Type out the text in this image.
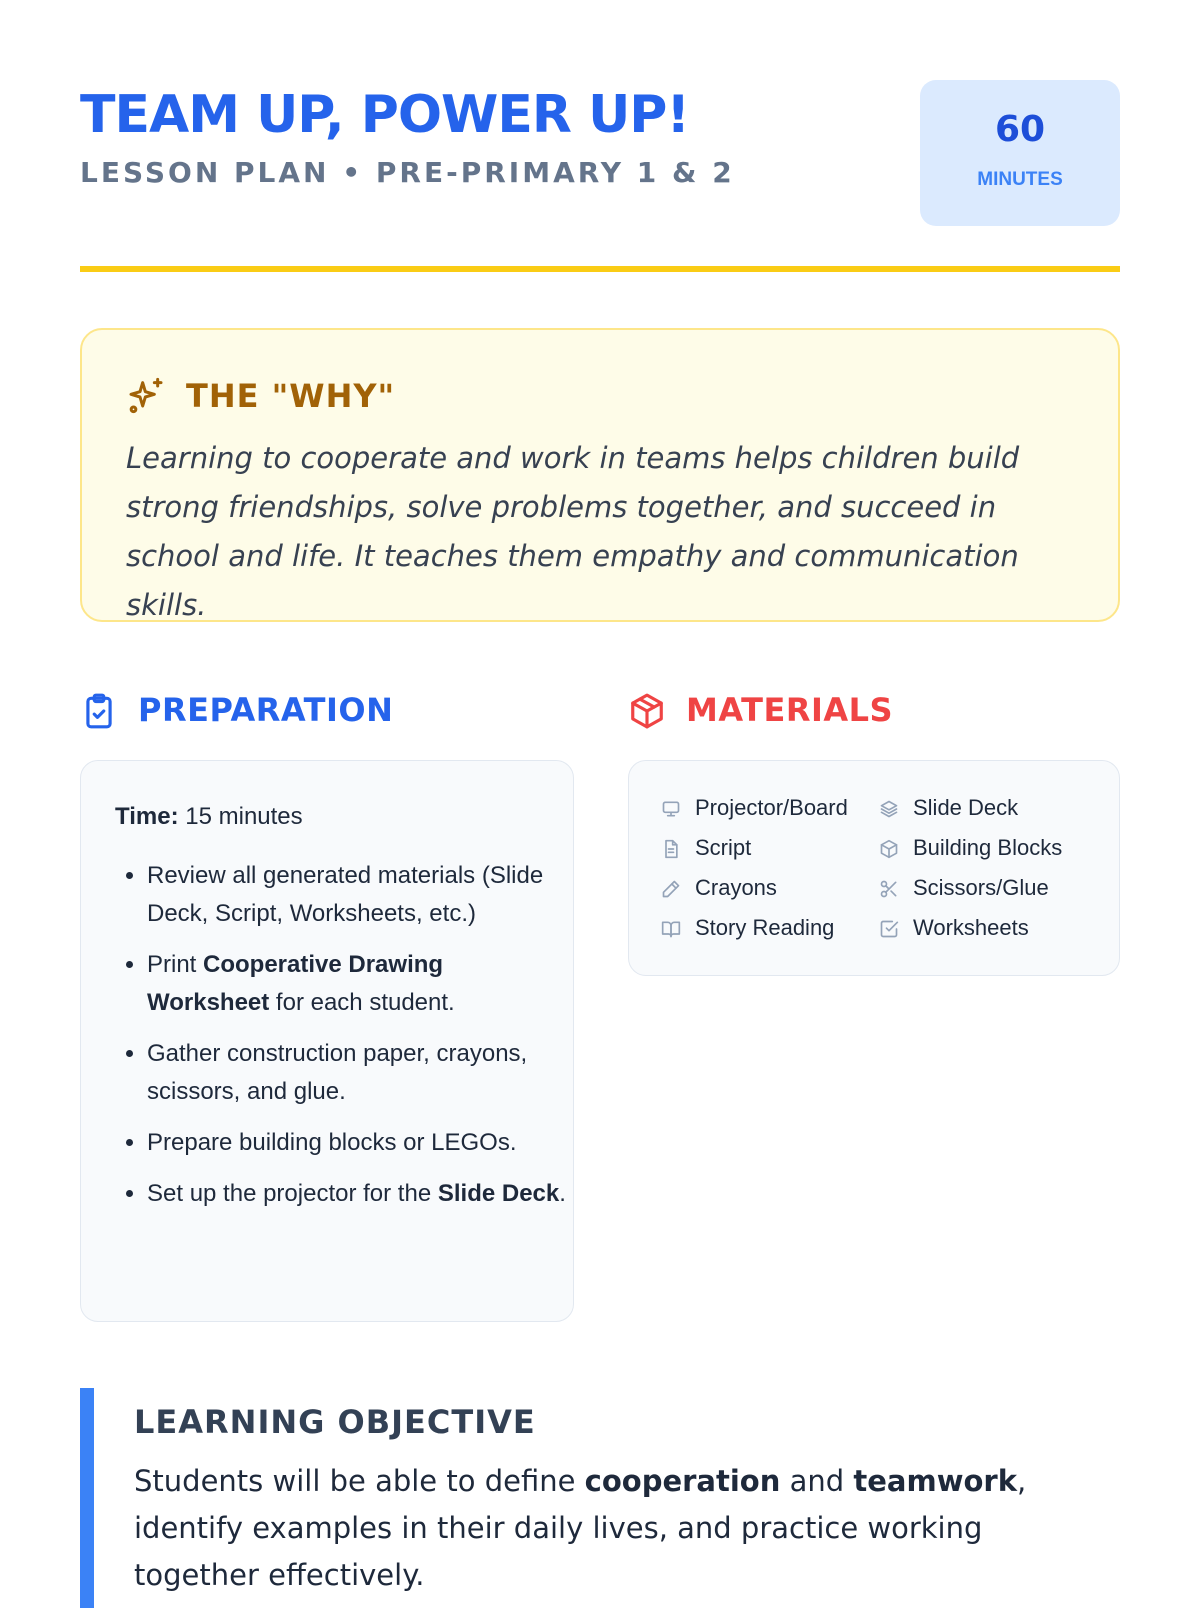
TEAM UP, POWER UP!
LESSON PLAN • PRE-PRIMARY 1 & 2
60
MINUTES
THE "WHY"

Learning to cooperate and work in teams helps children build strong friendships, solve problems together, and succeed in school and life. It teaches them empathy and communication skills.

PREPARATION	MATERIALS
Time: 15 minutes
• Review all generated materials (Slide Deck, Script, Worksheets, etc.)
• Print Cooperative Drawing Worksheet for each student.
• Gather construction paper, crayons, scissors, and glue.
• Prepare building blocks or LEGOs.
• Set up the projector for the Slide Deck.
Projector/Board	Slide Deck
Script	Building Blocks
Crayons	Scissors/Glue
Story Reading	Worksheets
LEARNING OBJECTIVE

Students will be able to define cooperation and teamwork, identify examples in their daily lives, and practice working together effectively.
